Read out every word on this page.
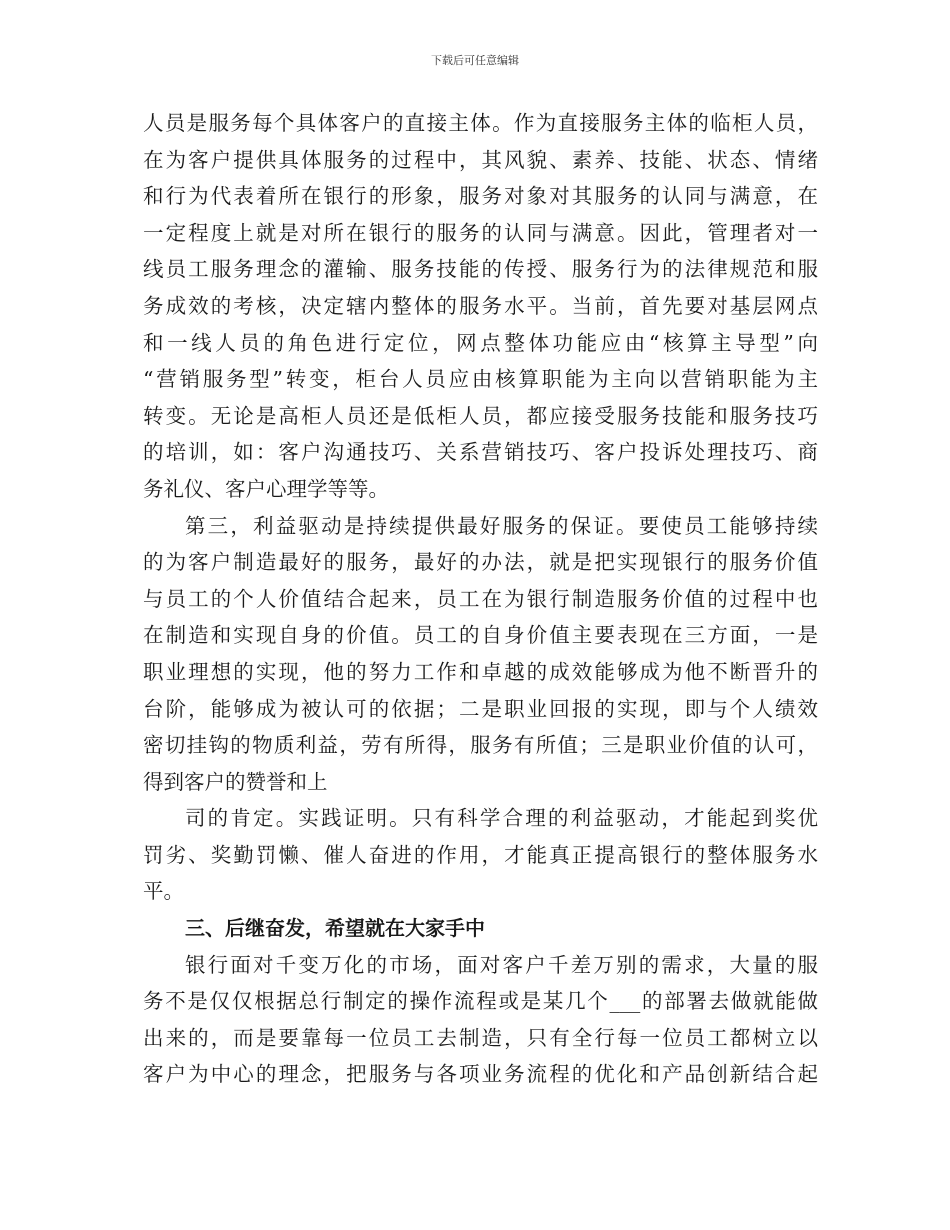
下载后可任意编辑
人员是服务每个具体客户的直接主体。作为直接服务主体的临柜人员，
在为客户提供具体服务的过程中，其风貌、素养、技能、状态、情绪
和行为代表着所在银行的形象，服务对象对其服务的认同与满意，在
一定程度上就是对所在银行的服务的认同与满意。因此，管理者对一
线员工服务理念的灌输、服务技能的传授、服务行为的法律规范和服
务成效的考核，决定辖内整体的服务水平。当前，首先要对基层网点
和一线人员的角色进行定位，网点整体功能应由“核算主导型”向
“营销服务型”转变，柜台人员应由核算职能为主向以营销职能为主
转变。无论是高柜人员还是低柜人员，都应接受服务技能和服务技巧
的培训，如：客户沟通技巧、关系营销技巧、客户投诉处理技巧、商
务礼仪、客户心理学等等。
第三，利益驱动是持续提供最好服务的保证。要使员工能够持续
的为客户制造最好的服务，最好的办法，就是把实现银行的服务价值
与员工的个人价值结合起来，员工在为银行制造服务价值的过程中也
在制造和实现自身的价值。员工的自身价值主要表现在三方面，一是
职业理想的实现，他的努力工作和卓越的成效能够成为他不断晋升的
台阶，能够成为被认可的依据；二是职业回报的实现，即与个人绩效
密切挂钩的物质利益，劳有所得，服务有所值；三是职业价值的认可，
得到客户的赞誉和上
司的肯定。实践证明。只有科学合理的利益驱动，才能起到奖优
罚劣、奖勤罚懒、催人奋进的作用，才能真正提高银行的整体服务水
平。
三、后继奋发，希望就在大家手中
银行面对千变万化的市场，面对客户千差万别的需求，大量的服
务不是仅仅根据总行制定的操作流程或是某几个___的部署去做就能做
出来的，而是要靠每一位员工去制造，只有全行每一位员工都树立以
客户为中心的理念，把服务与各项业务流程的优化和产品创新结合起
